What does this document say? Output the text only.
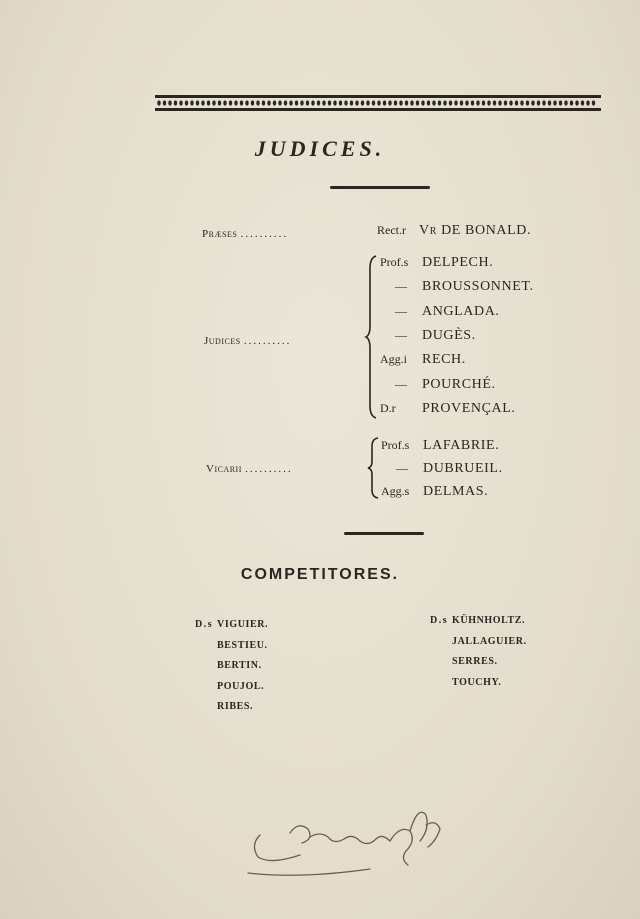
JUDICES.
Præses ..........	Rect.r Vr DE BONALD.
Judices ..........
Prof.s DELPECH.
— BROUSSONNET.
— ANGLADA.
— DUGÈS.
Agg.i RECH.
— POURCHÉ.
D.r PROVENÇAL.
Vicarii ..........
Prof.s LAFABRIE.
— DUBRUEIL.
Agg.s DELMAS.
COMPETITORES.
D.s VIGUIER.
BESTIEU.
BERTIN.
POUJOL.
RIBES.
D.s KÜHNHOLTZ.
JALLAGUIER.
SERRES.
TOUCHY.
